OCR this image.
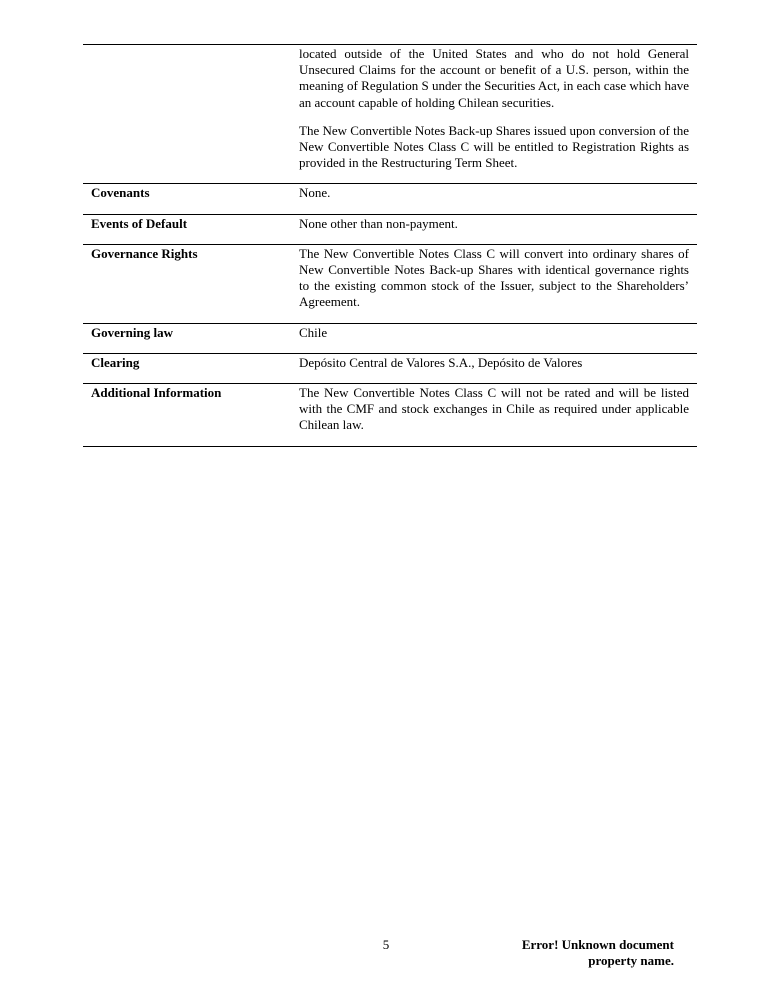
	located outside of the United States and who do not hold General Unsecured Claims for the account or benefit of a U.S. person, within the meaning of Regulation S under the Securities Act, in each case which have an account capable of holding Chilean securities.

The New Convertible Notes Back-up Shares issued upon conversion of the New Convertible Notes Class C will be entitled to Registration Rights as provided in the Restructuring Term Sheet.

Covenants	None.

Events of Default	None other than non-payment.

Governance Rights	The New Convertible Notes Class C will convert into ordinary shares of New Convertible Notes Back-up Shares with identical governance rights to the existing common stock of the Issuer, subject to the Shareholders’ Agreement.

Governing law	Chile

Clearing	Depósito Central de Valores S.A., Depósito de Valores

Additional Information	The New Convertible Notes Class C will not be rated and will be listed with the CMF and stock exchanges in Chile as required under applicable Chilean law.
5	Error! Unknown document
property name.
